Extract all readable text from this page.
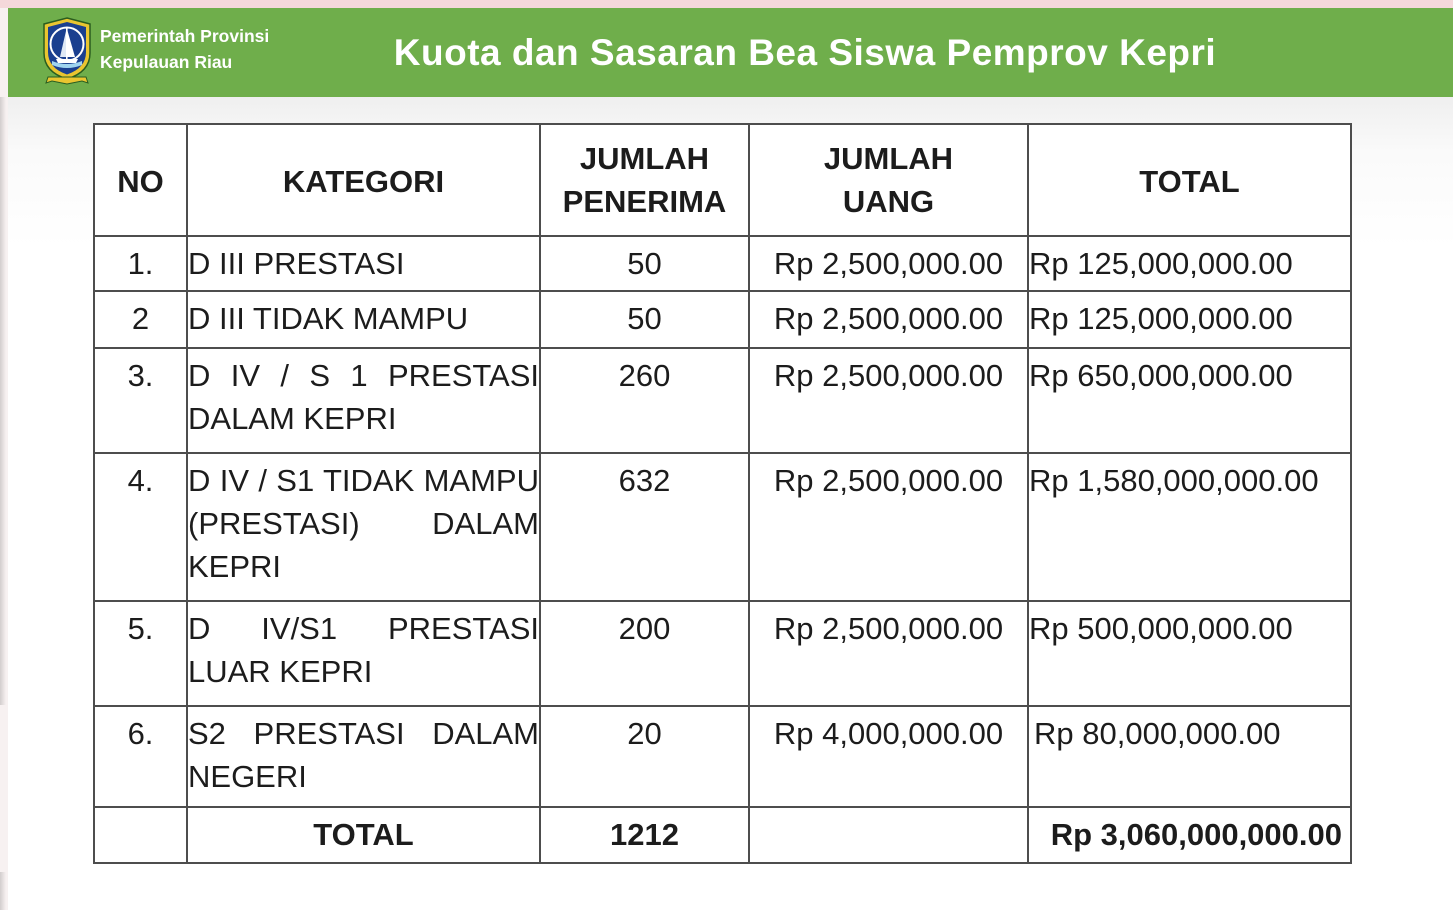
Pemerintah Provinsi
Kepulauan Riau	Kuota dan Sasaran Bea Siswa Pemprov Kepri
NO	KATEGORI	JUMLAH PENERIMA	JUMLAH UANG	TOTAL
1.	D III PRESTASI	50	Rp 2,500,000.00	Rp 125,000,000.00
2	D III TIDAK MAMPU	50	Rp 2,500,000.00	Rp 125,000,000.00
3.	D IV / S 1 PRESTASI DALAM KEPRI	260	Rp 2,500,000.00	Rp 650,000,000.00
4.	D IV / S1 TIDAK MAMPU (PRESTASI) DALAM KEPRI	632	Rp 2,500,000.00	Rp 1,580,000,000.00
5.	D IV/S1 PRESTASI LUAR KEPRI	200	Rp 2,500,000.00	Rp 500,000,000.00
6.	S2 PRESTASI DALAM NEGERI	20	Rp 4,000,000.00	Rp 80,000,000.00
	TOTAL	1212		Rp 3,060,000,000.00
